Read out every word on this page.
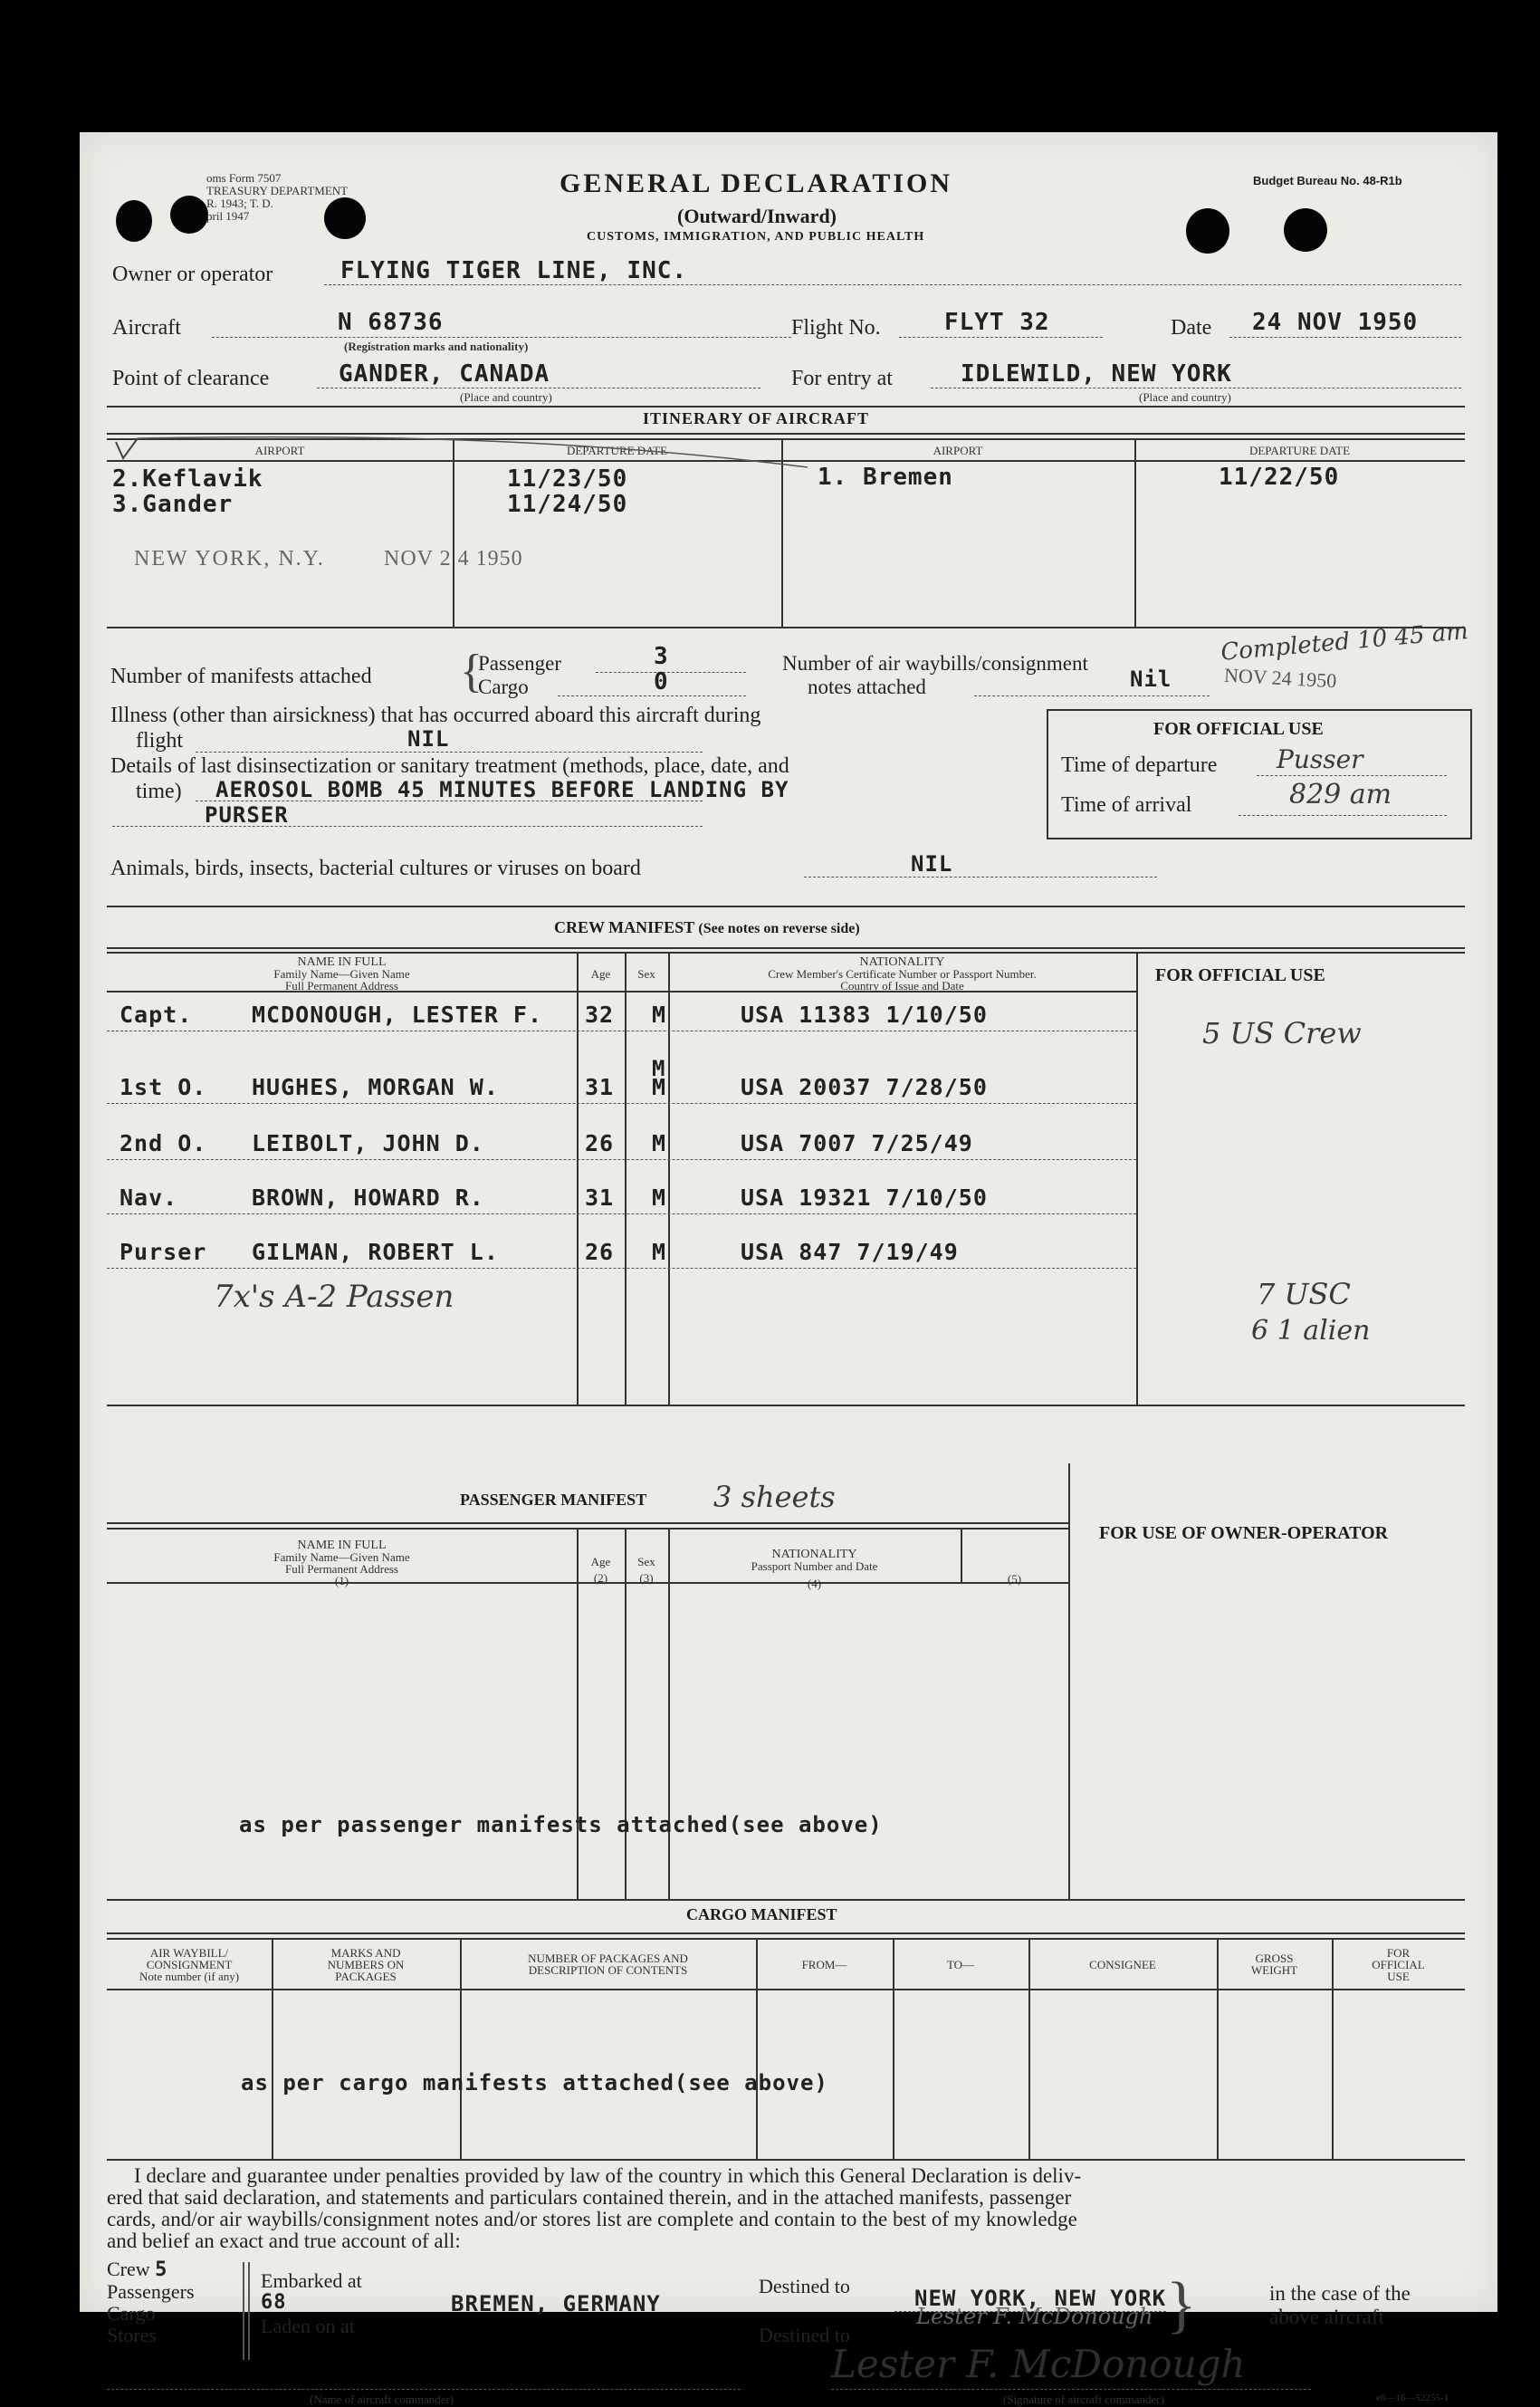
oms Form 7507
TREASURY DEPARTMENT
R. 1943; T. D.
pril 1947
GENERAL DECLARATION
(Outward/Inward)
CUSTOMS, IMMIGRATION, AND PUBLIC HEALTH
Budget Bureau No. 48-R1b
Owner or operator	FLYING TIGER LINE, INC.
Aircraft	N 68736
(Registration marks and nationality)
Flight No.	FLYT 32	Date 24 NOV 1950
Point of clearance	GANDER, CANADA
(Place and country)
For entry at	IDLEWILD, NEW YORK
(Place and country)
ITINERARY OF AIRCRAFT
AIRPORT	DEPARTURE DATE	AIRPORT	DEPARTURE DATE
2.Keflavik	11/23/50
3.Gander	11/24/50
1. Bremen	11/22/50
NEW YORK, N.Y.	NOV 2 4 1950
Number of manifests attached {
Passenger	3
Cargo	0
Number of air waybills/consignment
notes attached	Nil
Completed 10 45 am
NOV 24 1950
Illness (other than airsickness) that has occurred aboard this aircraft during
flight	NIL
Details of last disinsectization or sanitary treatment (methods, place, date, and
time) AEROSOL BOMB 45 MINUTES BEFORE LANDING BY
PURSER
FOR OFFICIAL USE
Time of departure Pusser
Time of arrival	829 am
Animals, birds, insects, bacterial cultures or viruses on board	NIL
CREW MANIFEST (See notes on reverse side)
NAME IN FULL
Family Name—Given Name
Full Permanent Address
Age	Sex
NATIONALITY
Crew Member's Certificate Number or Passport Number.
Country of Issue and Date
FOR OFFICIAL USE
Capt.	MCDONOUGH, LESTER F. 32 M	USA 11383 1/10/50
1st O. HUGHES, MORGAN W.	31 M	USA 20037 7/28/50
2nd O. LEIBOLT, JOHN D.	26 M	USA 7007 7/25/49
Nav.	BROWN, HOWARD R.	31 M	USA 19321 7/10/50
Purser GILMAN, ROBERT L.	26 M	USA 847 7/19/49
M
7x's A-2 Passen
5 US Crew
7 USC
6 1 alien
PASSENGER MANIFEST 3 sheets
NAME IN FULL
Family Name—Given Name
Full Permanent Address
(1)
Age
(2)
Sex
(3)
NATIONALITY
Passport Number and Date
(4)	(5)
FOR USE OF OWNER-OPERATOR
as per passenger manifests attached(see above)
CARGO MANIFEST
AIR WAYBILL/
CONSIGNMENT
Note number (if any)
MARKS AND
NUMBERS ON
PACKAGES
NUMBER OF PACKAGES AND
DESCRIPTION OF CONTENTS	FROM—	TO—	CONSIGNEE	GROSS
WEIGHT
FOR
OFFICIAL
USE
as per cargo manifests attached(see above)
I declare and guarantee under penalties provided by law of the country in which this General Declaration is deliv-
ered that said declaration, and statements and particulars contained therein, and in the attached manifests, passenger
cards, and/or air waybills/consignment notes and/or stores list are complete and contain to the best of my knowledge
and belief an exact and true account of all:
Crew 5
Passengers
Cargo
Stores
Embarked at
68
Laden on at
BREMEN, GERMANY
Destined to
Destined to
NEW YORK, NEW YORK
Lester F. McDonough }	in the case of the
above aircraft
Lester F. McDonough
(Name of aircraft commander)	(Signature of aircraft commander)	e6—16—52255-1
